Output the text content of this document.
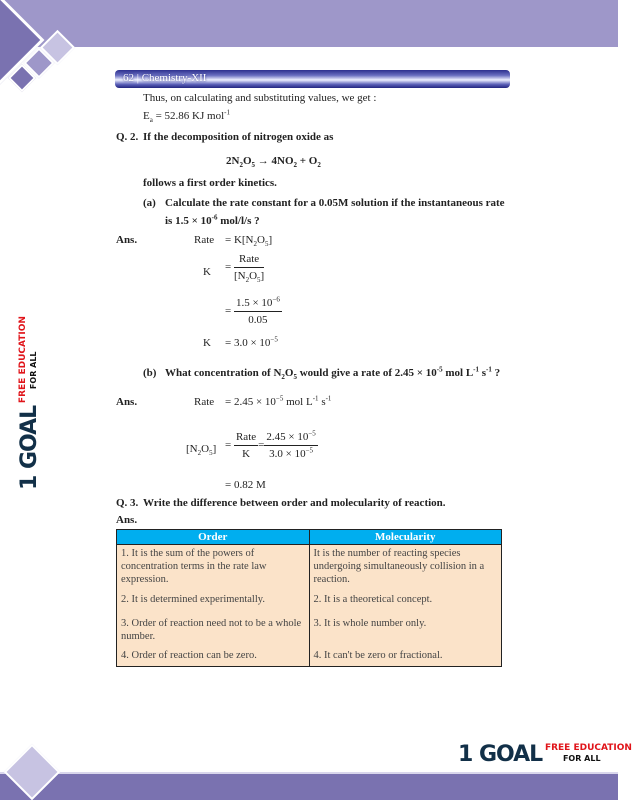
62 | Chemistry-XII
Thus, on calculating and substituting values, we get :
$E_a = 52.86$ KJ mol$^{-1}$
Q. 2. If the decomposition of nitrogen oxide as
$2N_2O_5 \to 4NO_2 + O_2$
follows a first order kinetics.
(a) Calculate the rate constant for a 0.05M solution if the instantaneous rate
is $1.5 \times 10^{-6}$ mol/l/s ?
Ans.	Rate = $K[N_2O_5]$
$K = \frac{\text{Rate}}{[N_2O_5]}$
= $\frac{1.5 \times 10^{-6}}{0.05}$
$K = 3.0 \times 10^{-5}$
(b) What concentration of $N_2O_5$ would give a rate of $2.45 \times 10^{-5}$ mol $L^{-1}$ $s^{-1}$ ?
Ans.	Rate = $2.45 \times 10^{-5}$ mol $L^{-1}$ $s^{-1}$
$[N_2O_5] = \frac{\text{Rate}}{K} = \frac{2.45 \times 10^{-5}}{3.0 \times 10^{-5}}$
= 0.82 M
Q. 3. Write the difference between order and molecularity of reaction.
Ans.
Order	Molecularity
1. It is the sum of the powers of concentration terms in the rate law expression.	It is the number of reacting species undergoing simultaneously collision in a reaction.
2. It is determined experimentally.	2. It is a theoretical concept.
3. Order of reaction need not to be a whole number.	3. It is whole number only.
4. Order of reaction can be zero.	4. It can't be zero or fractional.
1 GOAL FREE EDUCATION
FOR ALL
1 GOAL FREE EDUCATION
FOR ALL
